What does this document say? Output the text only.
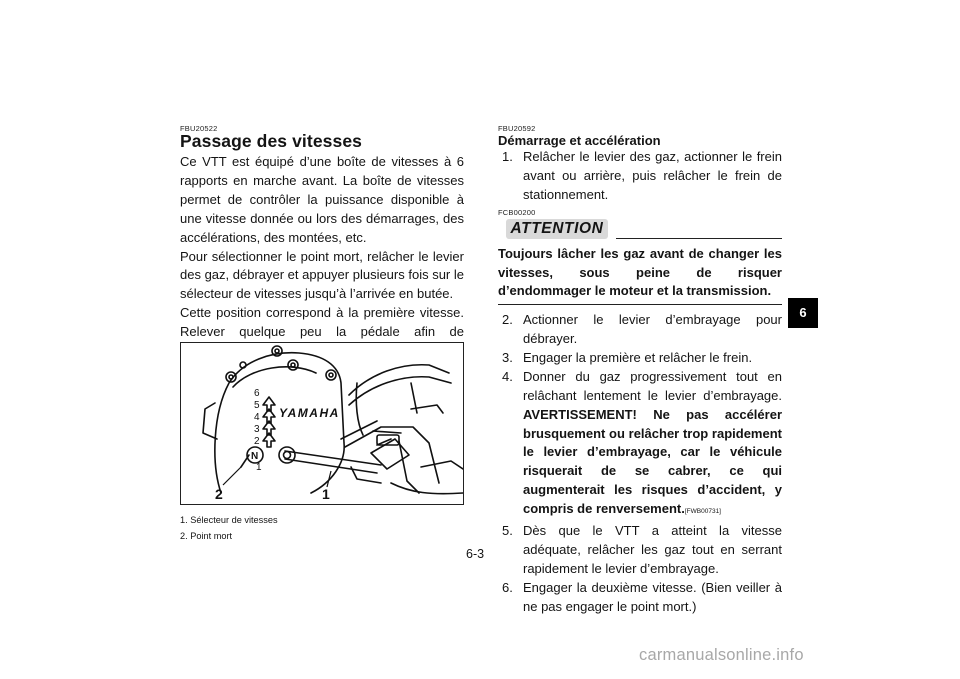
FBU20522
Passage des vitesses

Ce VTT est équipé d’une boîte de vitesses à 6 rapports en marche avant. La boîte de vitesses permet de contrôler la puissance disponible à une vitesse donnée ou lors des démarrages, des accélérations, des montées, etc.

Pour sélectionner le point mort, relâcher le levier des gaz, débrayer et appuyer plusieurs fois sur le sélecteur de vitesses jusqu’à l’arrivée en butée.

Cette position correspond à la première vitesse. Relever quelque peu la pédale afin de

6
5
4
3
2
N
1
YAMAHA
2	1
1. Sélecteur de vitesses
2. Point mort
FBU20592
Démarrage et accélération
1. Relâcher le levier des gaz, actionner le frein avant ou arrière, puis relâcher le frein de stationnement.
FCB00200
ATTENTION
Toujours lâcher les gaz avant de changer les vitesses, sous peine de risquer d’endommager le moteur et la transmission.
2. Actionner le levier d’embrayage pour débrayer.
3. Engager la première et relâcher le frein.
4. Donner du gaz progressivement tout en relâchant lentement le levier d’embrayage. AVERTISSEMENT! Ne pas accélérer brusquement ou relâcher trop rapidement le levier d’embrayage, car le véhicule risquerait de se cabrer, ce qui augmenterait les risques d’accident, y compris de renversement.[FWB00731]
5. Dès que le VTT a atteint la vitesse adéquate, relâcher les gaz tout en serrant rapidement le levier d’embrayage.
6. Engager la deuxième vitesse. (Bien veiller à ne pas engager le point mort.)
6
6-3
carmanualsonline.info
